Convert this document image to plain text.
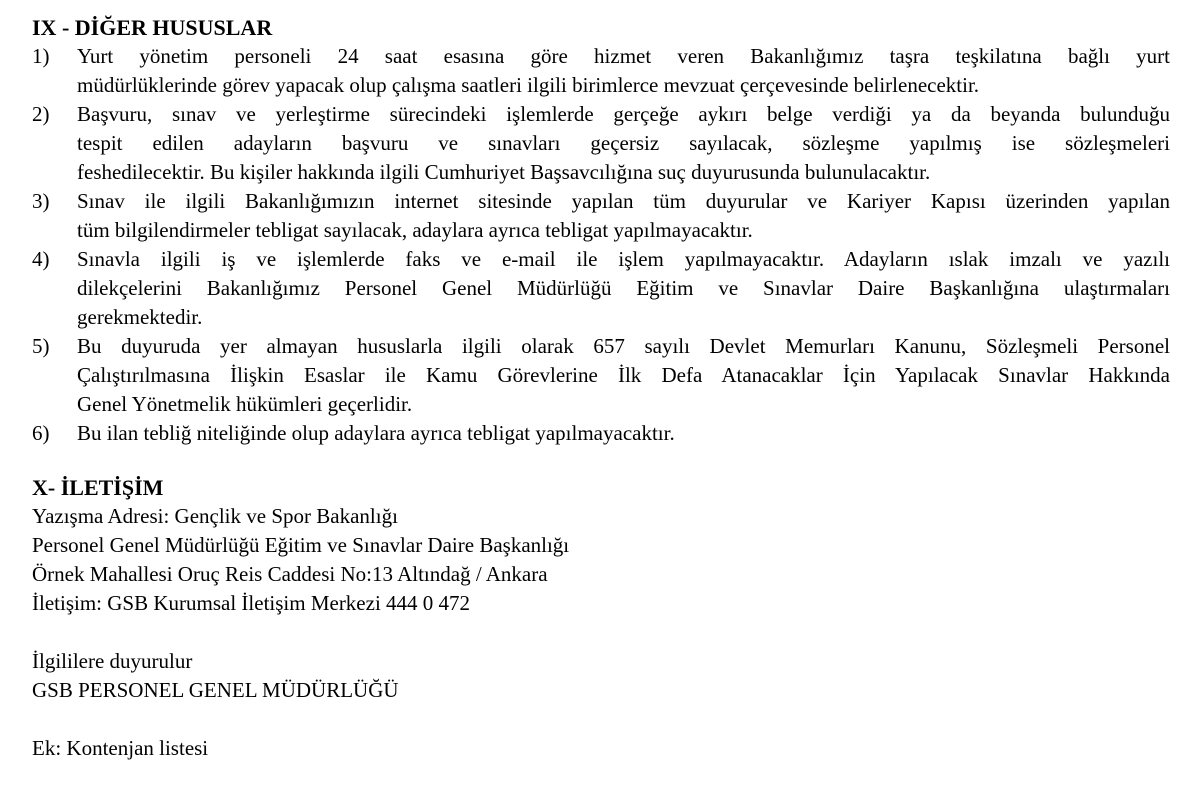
IX - DİĞER HUSUSLAR
1)	Yurt yönetim personeli 24 saat esasına göre hizmet veren Bakanlığımız taşra teşkilatına bağlı yurt
müdürlüklerinde görev yapacak olup çalışma saatleri ilgili birimlerce mevzuat çerçevesinde belirlenecektir.
2)	Başvuru, sınav ve yerleştirme sürecindeki işlemlerde gerçeğe aykırı belge verdiği ya da beyanda bulunduğu
tespit edilen adayların başvuru ve sınavları geçersiz sayılacak, sözleşme yapılmış ise sözleşmeleri
feshedilecektir. Bu kişiler hakkında ilgili Cumhuriyet Başsavcılığına suç duyurusunda bulunulacaktır.
3)	Sınav ile ilgili Bakanlığımızın internet sitesinde yapılan tüm duyurular ve Kariyer Kapısı üzerinden yapılan
tüm bilgilendirmeler tebligat sayılacak, adaylara ayrıca tebligat yapılmayacaktır.
4)	Sınavla ilgili iş ve işlemlerde faks ve e-mail ile işlem yapılmayacaktır. Adayların ıslak imzalı ve yazılı
dilekçelerini Bakanlığımız Personel Genel Müdürlüğü Eğitim ve Sınavlar Daire Başkanlığına ulaştırmaları
gerekmektedir.
5)	Bu duyuruda yer almayan hususlarla ilgili olarak 657 sayılı Devlet Memurları Kanunu, Sözleşmeli Personel
Çalıştırılmasına İlişkin Esaslar ile Kamu Görevlerine İlk Defa Atanacaklar İçin Yapılacak Sınavlar Hakkında
Genel Yönetmelik hükümleri geçerlidir.
6)	Bu ilan tebliğ niteliğinde olup adaylara ayrıca tebligat yapılmayacaktır.
X- İLETİŞİM
Yazışma Adresi: Gençlik ve Spor Bakanlığı
Personel Genel Müdürlüğü Eğitim ve Sınavlar Daire Başkanlığı
Örnek Mahallesi Oruç Reis Caddesi No:13 Altındağ / Ankara
İletişim: GSB Kurumsal İletişim Merkezi 444 0 472
İlgililere duyurulur
GSB PERSONEL GENEL MÜDÜRLÜĞÜ
Ek: Kontenjan listesi
